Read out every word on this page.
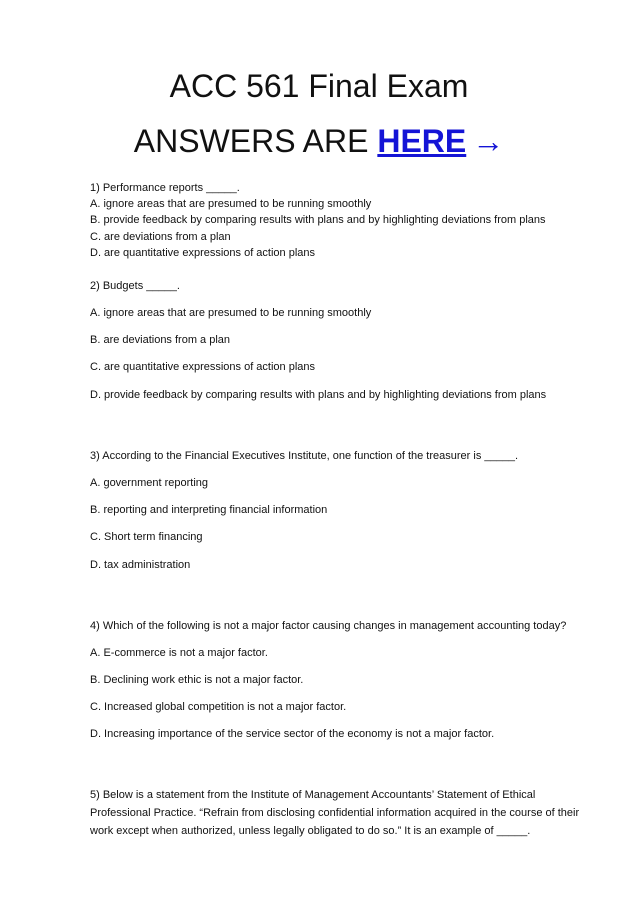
ACC 561 Final Exam
ANSWERS ARE HERE →
1) Performance reports _____.
A. ignore areas that are presumed to be running smoothly
B. provide feedback by comparing results with plans and by highlighting deviations from plans
C. are deviations from a plan
D. are quantitative expressions of action plans
2) Budgets _____.
A. ignore areas that are presumed to be running smoothly
B. are deviations from a plan
C. are quantitative expressions of action plans
D. provide feedback by comparing results with plans and by highlighting deviations from plans
3) According to the Financial Executives Institute, one function of the treasurer is _____.
A. government reporting
B. reporting and interpreting financial information
C. Short term financing
D. tax administration
4) Which of the following is not a major factor causing changes in management accounting today?
A. E-commerce is not a major factor.
B. Declining work ethic is not a major factor.
C. Increased global competition is not a major factor.
D. Increasing importance of the service sector of the economy is not a major factor.
5) Below is a statement from the Institute of Management Accountants’ Statement of Ethical
Professional Practice. “Refrain from disclosing confidential information acquired in the course of their
work except when authorized, unless legally obligated to do so.” It is an example of _____.
